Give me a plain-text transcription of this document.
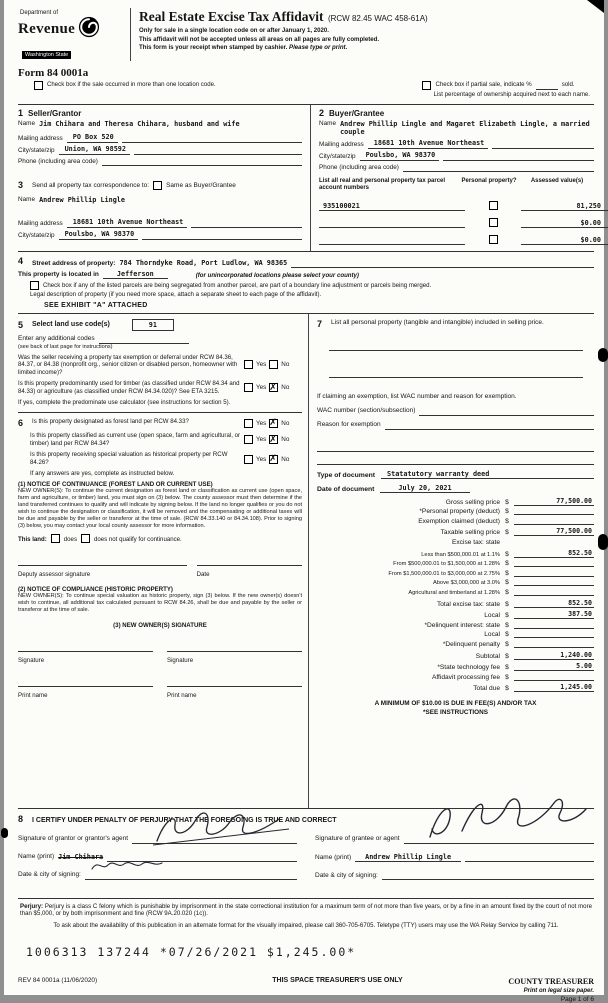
Department of
Revenue
Washington State
Real Estate Excise Tax Affidavit (RCW 82.45 WAC 458-61A)
Only for sale in a single location code on or after January 1, 2020.
This affidavit will not be accepted unless all areas on all pages are fully completed.
This form is your receipt when stamped by cashier. Please type or print.
Form 84 0001a
Check box if the sale occurred in more than one location code.	Check box if partial sale, indicate %	sold.
List percentage of ownership acquired next to each name.
1 Seller/Grantor
Name Jim Chihara and Theresa Chihara, husband and wife
Mailing address	PO Box 520
City/state/zip	Union, WA 98592
Phone (including area code)
2 Buyer/Grantee
Name Andrew Phillip Lingle and Magaret Elizabeth Lingle, a married couple
Mailing address	18681 10th Avenue Northeast
City/state/zip	Poulsbo, WA 98370
Phone (including area code)
3 Send all property tax correspondence to:	Same as Buyer/Grantee
Name Andrew Phillip Lingle
Mailing address	18681 10th Avenue Northeast
City/state/zip	Poulsbo, WA 98370
List all real and personal property tax parcel account numbers
Personal property?	Assessed value(s)
935100021	81,250
$0.00
$0.00
4 Street address of property: 784 Thorndyke Road, Port Ludlow, WA 98365
This property is located in	Jefferson	(for unincorporated locations please select your county)
Check box if any of the listed parcels are being segregated from another parcel, are part of a boundary line adjustment or parcels being merged.
Legal description of property (if you need more space, attach a separate sheet to each page of the affidavit).
SEE EXHIBIT "A" ATTACHED
5 Select land use code(s)	91
Enter any additional codes
(see back of last page for instructions)
Was the seller receiving a property tax exemption or deferral under RCW 84.36, 84.37, or 84.38 (nonprofit org., senior citizen or disabled person, homeowner with limited income)?
Yes No
Is this property predominantly used for timber (as classified under RCW 84.34 and 84.33) or agriculture (as classified under RCW 84.34.020)? See ETA 3215.	Yes ✗ No
If yes, complete the predominate use calculator (see instructions for section 5).
6 Is this property designated as forest land per RCW 84.33?	Yes ✗ No
Is this property classified as current use (open space, farm and agricultural, or timber) land per RCW 84.34?	Yes ✗ No
Is this property receiving special valuation as historical property per RCW 84.26?	Yes ✗ No
If any answers are yes, complete as instructed below.
(1) NOTICE OF CONTINUANCE (FOREST LAND OR CURRENT USE)
NEW OWNER(S): To continue the current designation as forest land or classification as current use (open space, farm and agriculture, or timber) land, you must sign on (3) below. The county assessor must then determine if the land transferred continues to qualify and will indicate by signing below. If the land no longer qualifies or you do not wish to continue the designation or classification, it will be removed and the compensating or additional taxes will be due and payable by the seller or transferor at the time of sale. (RCW 84.33.140 or 84.34.108). Prior to signing (3) below, you may contact your local county assessor for more information.
This land:	does	does not qualify for continuance.
Deputy assessor signature	Date
(2) NOTICE OF COMPLIANCE (HISTORIC PROPERTY)
NEW OWNER(S): To continue special valuation as historic property, sign (3) below. If the new owner(s) doesn't wish to continue, all additional tax calculated pursuant to RCW 84.26, shall be due and payable by the seller or transferor at the time of sale.
(3) NEW OWNER(S) SIGNATURE
Signature	Signature
Print name	Print name
7 List all personal property (tangible and intangible) included in selling price.
If claiming an exemption, list WAC number and reason for exemption.
WAC number (section/subsection)
Reason for exemption
Type of document	Statatutory warranty deed
Date of document	July 20, 2021
Gross selling price $	77,500.00
*Personal property (deduct) $
Exemption claimed (deduct) $
Taxable selling price $	77,500.00
Excise tax: state
Less than $500,000.01 at 1.1% $	852.50
From $500,000.01 to $1,500,000 at 1.28% $
From $1,500,000.01 to $3,000,000 at 2.75% $
Above $3,000,000 at 3.0% $
Agricultural and timberland at 1.28% $
Total excise tax: state $	852.50
Local $	387.50
*Delinquent interest: state $
Local $
*Delinquent penalty $
Subtotal $	1,240.00
*State technology fee $	5.00
Affidavit processing fee $
Total due $	1,245.00
A MINIMUM OF $10.00 IS DUE IN FEE(S) AND/OR TAX
*SEE INSTRUCTIONS
8 I CERTIFY UNDER PENALTY OF PERJURY THAT THE FOREGOING IS TRUE AND CORRECT
Signature of grantor or grantor's agent
Name (print) Jim Chihara
Date & city of signing:
Signature of grantee or agent
Name (print)	Andrew Phillip Lingle
Date & city of signing:
Perjury: Perjury is a class C felony which is punishable by imprisonment in the state correctional institution for a maximum term of not more than five years, or by a fine in an amount fixed by the court of not more than $5,000, or by both imprisonment and fine (RCW 9A.20.020 (1c)).
To ask about the availability of this publication in an alternate format for the visually impaired, please call 360-705-6705. Teletype (TTY) users may use the WA Relay Service by calling 711.
1006313 137244 *07/26/2021 $1,245.00*
REV 84 0001a (11/06/2020)	THIS SPACE TREASURER'S USE ONLY	COUNTY TREASURER
Print on legal size paper.
Page 1 of 6
